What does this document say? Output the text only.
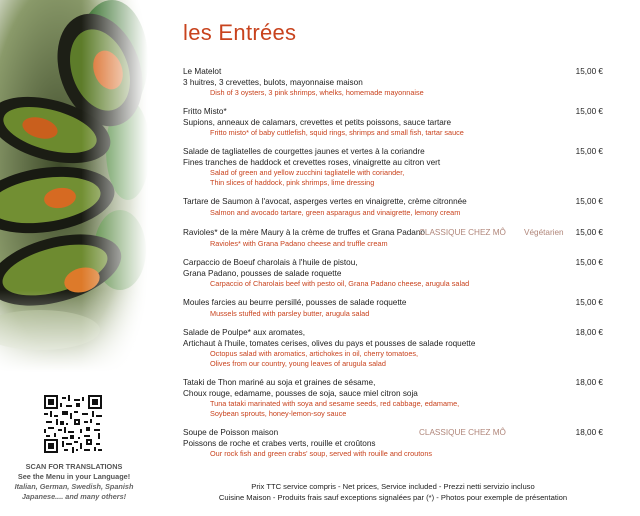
SCAN FOR TRANSLATIONS
See the Menu in your Language!
Italian, German, Swedish, Spanish
Japanese.... and many others!
les Entrées
Le Matelot
3 huitres, 3 crevettes, bulots, mayonnaise maison
Dish of 3 oysters, 3 pink shrimps, whelks, homemade mayonnaise
15,00 €
Fritto Misto*
Supions, anneaux de calamars, crevettes et petits poissons, sauce tartare
Fritto misto* of baby cuttlefish, squid rings, shrimps and small fish, tartar sauce
15,00 €
Salade de tagliatelles de courgettes jaunes et vertes à la coriandre
Fines tranches de haddock et crevettes roses, vinaigrette au citron vert
Salad of green and yellow zucchini tagliatelle with coriander,
Thin slices of haddock, pink shrimps, lime dressing
15,00 €
Tartare de Saumon à l'avocat, asperges vertes en vinaigrette, crème citronnée
Salmon and avocado tartare, green asparagus and vinaigrette, lemony cream
15,00 €
Ravioles* de la mère Maury à la crème de truffes et Grana Padano
Ravioles* with Grana Padano cheese and truffle cream
CLASSIQUE CHEZ MÔ Végétarien 15,00 €
Carpaccio de Boeuf charolais à l'huile de pistou,
Grana Padano, pousses de salade roquette
Carpaccio of Charolais beef with pesto oil, Grana Padano cheese, arugula salad
15,00 €
Moules farcies au beurre persillé, pousses de salade roquette
Mussels stuffed with parsley butter, arugula salad
15,00 €
Salade de Poulpe* aux aromates,
Artichaut à l'huile, tomates cerises, olives du pays et pousses de salade roquette
Octopus salad with aromatics, artichokes in oil, cherry tomatoes,
Olives from our country, young leaves of arugula salad
18,00 €
Tataki de Thon mariné au soja et graines de sésame,
Choux rouge, edamame, pousses de soja, sauce miel citron soja
Tuna tataki marinated with soya and sesame seeds, red cabbage, edamame,
Soybean sprouts, honey-lemon-soy sauce
18,00 €
Soupe de Poisson maison
Poissons de roche et crabes verts, rouille et croûtons
Our rock fish and green crabs' soup, served with rouille and croutons
CLASSIQUE CHEZ MÔ	18,00 €
Prix TTC service compris - Net prices, Service included - Prezzi netti servizio incluso
Cuisine Maison - Produits frais sauf exceptions signalées par (*) - Photos pour exemple de présentation
